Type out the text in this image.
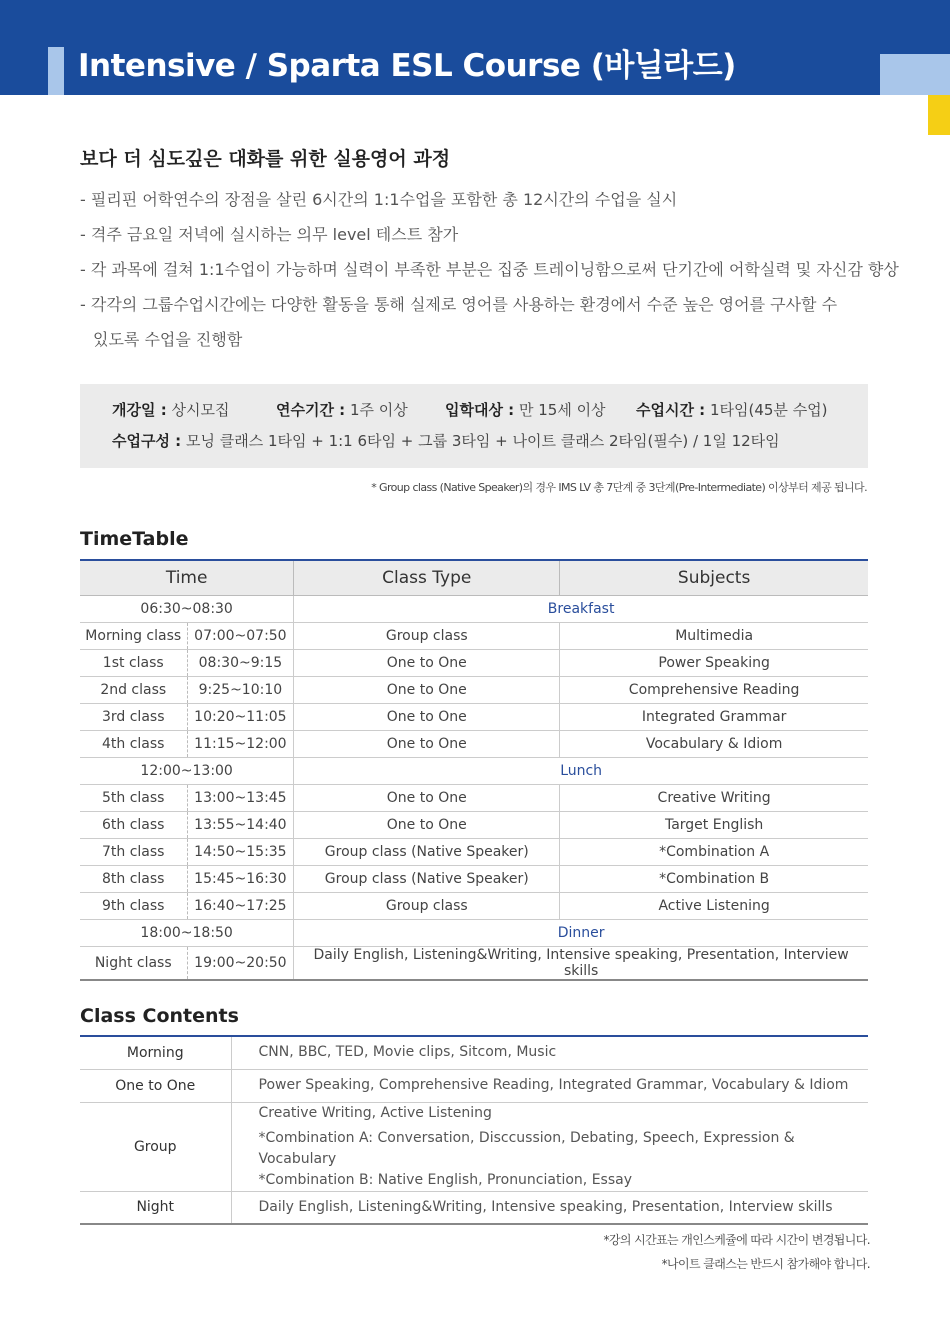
Intensive / Sparta ESL Course (바닐라드)
보다 더 심도깊은 대화를 위한 실용영어 과정
- 필리핀 어학연수의 장점을 살린 6시간의 1:1수업을 포함한 총 12시간의 수업을 실시
- 격주 금요일 저녁에 실시하는 의무 level 테스트 참가
- 각 과목에 걸쳐 1:1수업이 가능하며 실력이 부족한 부분은 집중 트레이닝함으로써 단기간에 어학실력 및 자신감 향상
- 각각의 그룹수업시간에는 다양한 활동을 통해 실제로 영어를 사용하는 환경에서 수준 높은 영어를 구사할 수
있도록 수업을 진행함
개강일 : 상시모집	연수기간 : 1주 이상 입학대상 : 만 15세 이상 수업시간 : 1타임(45분 수업)
수업구성 : 모닝 클래스 1타임 + 1:1 6타임 + 그룹 3타임 + 나이트 클래스 2타임(필수) / 1일 12타임
* Group class (Native Speaker)의 경우 IMS LV 총 7단계 중 3단계(Pre-Intermediate) 이상부터 제공 됩니다.
TimeTable
Time		Class Type	Subjects
06:30~08:30		Breakfast	
Morning class	07:00~07:50	Group class	Multimedia
1st class	08:30~9:15	One to One	Power Speaking
2nd class	9:25~10:10	One to One	Comprehensive Reading
3rd class	10:20~11:05	One to One	Integrated Grammar
4th class	11:15~12:00	One to One	Vocabulary & Idiom
12:00~13:00		Lunch	
5th class	13:00~13:45	One to One	Creative Writing
6th class	13:55~14:40	One to One	Target English
7th class	14:50~15:35	Group class (Native Speaker)	*Combination A
8th class	15:45~16:30	Group class (Native Speaker)	*Combination B
9th class	16:40~17:25	Group class	Active Listening
18:00~18:50		Dinner	
Night class	19:00~20:50	Daily English, Listening&Writing, Intensive speaking, Presentation, Interview skills	
Class Contents
Morning	CNN, BBC, TED, Movie clips, Sitcom, Music

One to One	Power Speaking, Comprehensive Reading, Integrated Grammar, Vocabulary & Idiom

Group	Creative Writing, Active Listening
*Combination A: Conversation, Disccussion, Debating, Speech, Expression & Vocabulary
*Combination B: Native English, Pronunciation, Essay

Night	Daily English, Listening&Writing, Intensive speaking, Presentation, Interview skills
*강의 시간표는 개인스케쥴에 따라 시간이 변경됩니다.
*나이트 클래스는 반드시 참가해야 합니다.
